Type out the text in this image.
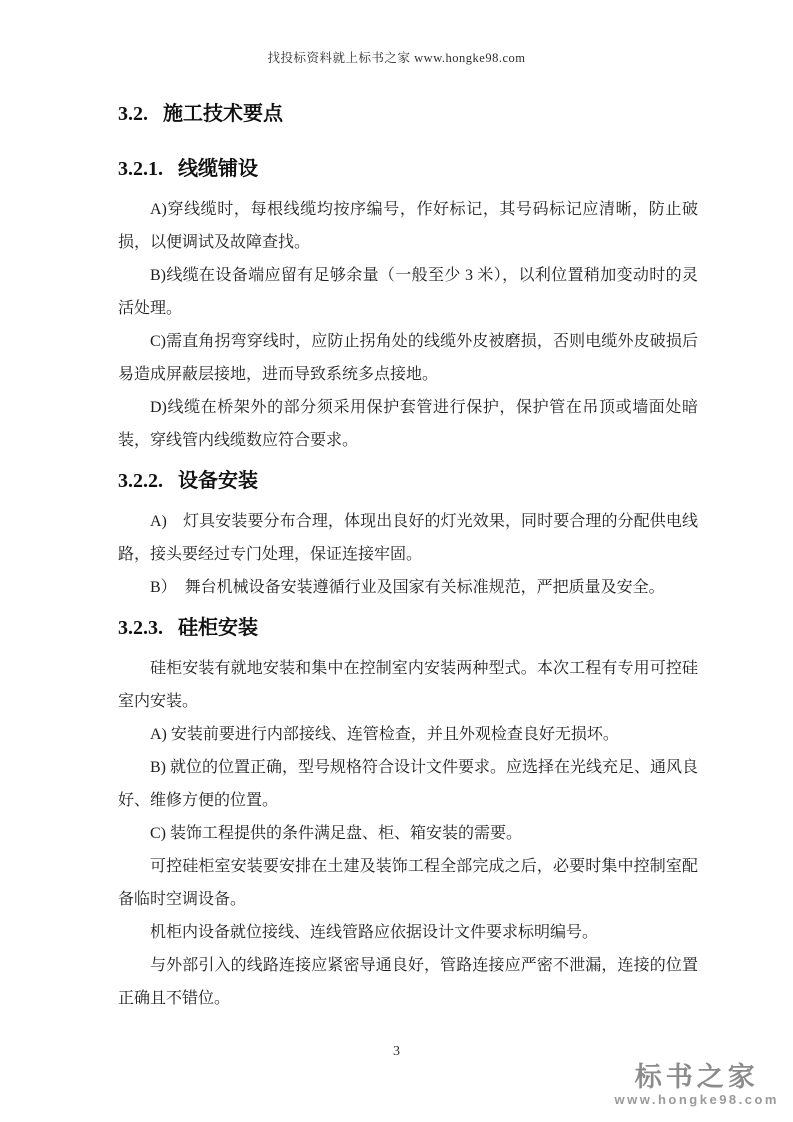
找投标资料就上标书之家 www.hongke98.com
3.2. 施工技术要点
3.2.1. 线缆铺设

A)穿线缆时，每根线缆均按序编号，作好标记，其号码标记应清晰，防止破损，以便调试及故障查找。

B)线缆在设备端应留有足够余量（一般至少 3 米），以利位置稍加变动时的灵活处理。

C)需直角拐弯穿线时，应防止拐角处的线缆外皮被磨损，否则电缆外皮破损后易造成屏蔽层接地，进而导致系统多点接地。

D)线缆在桥架外的部分须采用保护套管进行保护，保护管在吊顶或墙面处暗装，穿线管内线缆数应符合要求。

3.2.2. 设备安装

A)　灯具安装要分布合理，体现出良好的灯光效果，同时要合理的分配供电线路，接头要经过专门处理，保证连接牢固。

B）　舞台机械设备安装遵循行业及国家有关标准规范，严把质量及安全。

3.2.3. 硅柜安装

硅柜安装有就地安装和集中在控制室内安装两种型式。本次工程有专用可控硅室内安装。

A) 安装前要进行内部接线、连管检查，并且外观检查良好无损坏。

B) 就位的位置正确，型号规格符合设计文件要求。应选择在光线充足、通风良好、维修方便的位置。

C) 装饰工程提供的条件满足盘、柜、箱安装的需要。

可控硅柜室安装要安排在土建及装饰工程全部完成之后，必要时集中控制室配备临时空调设备。

机柜内设备就位接线、连线管路应依据设计文件要求标明编号。

与外部引入的线路连接应紧密导通良好，管路连接应严密不泄漏，连接的位置正确且不错位。

3
标书之家
www.hongke98.com
